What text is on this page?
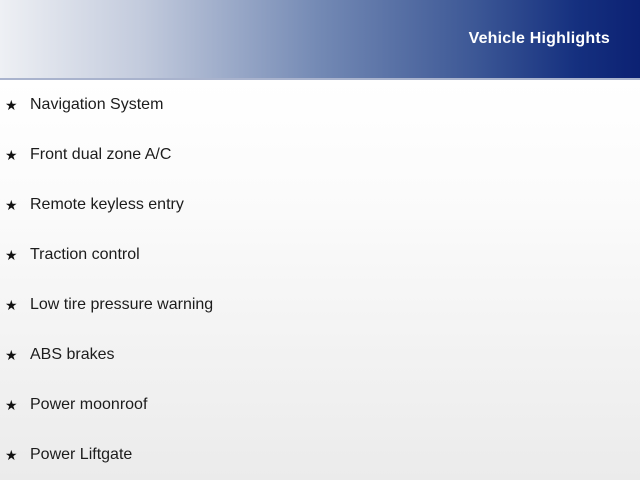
Vehicle Highlights
★ Navigation System
★ Front dual zone A/C
★ Remote keyless entry
★ Traction control
★ Low tire pressure warning
★ ABS brakes
★ Power moonroof
★ Power Liftgate
